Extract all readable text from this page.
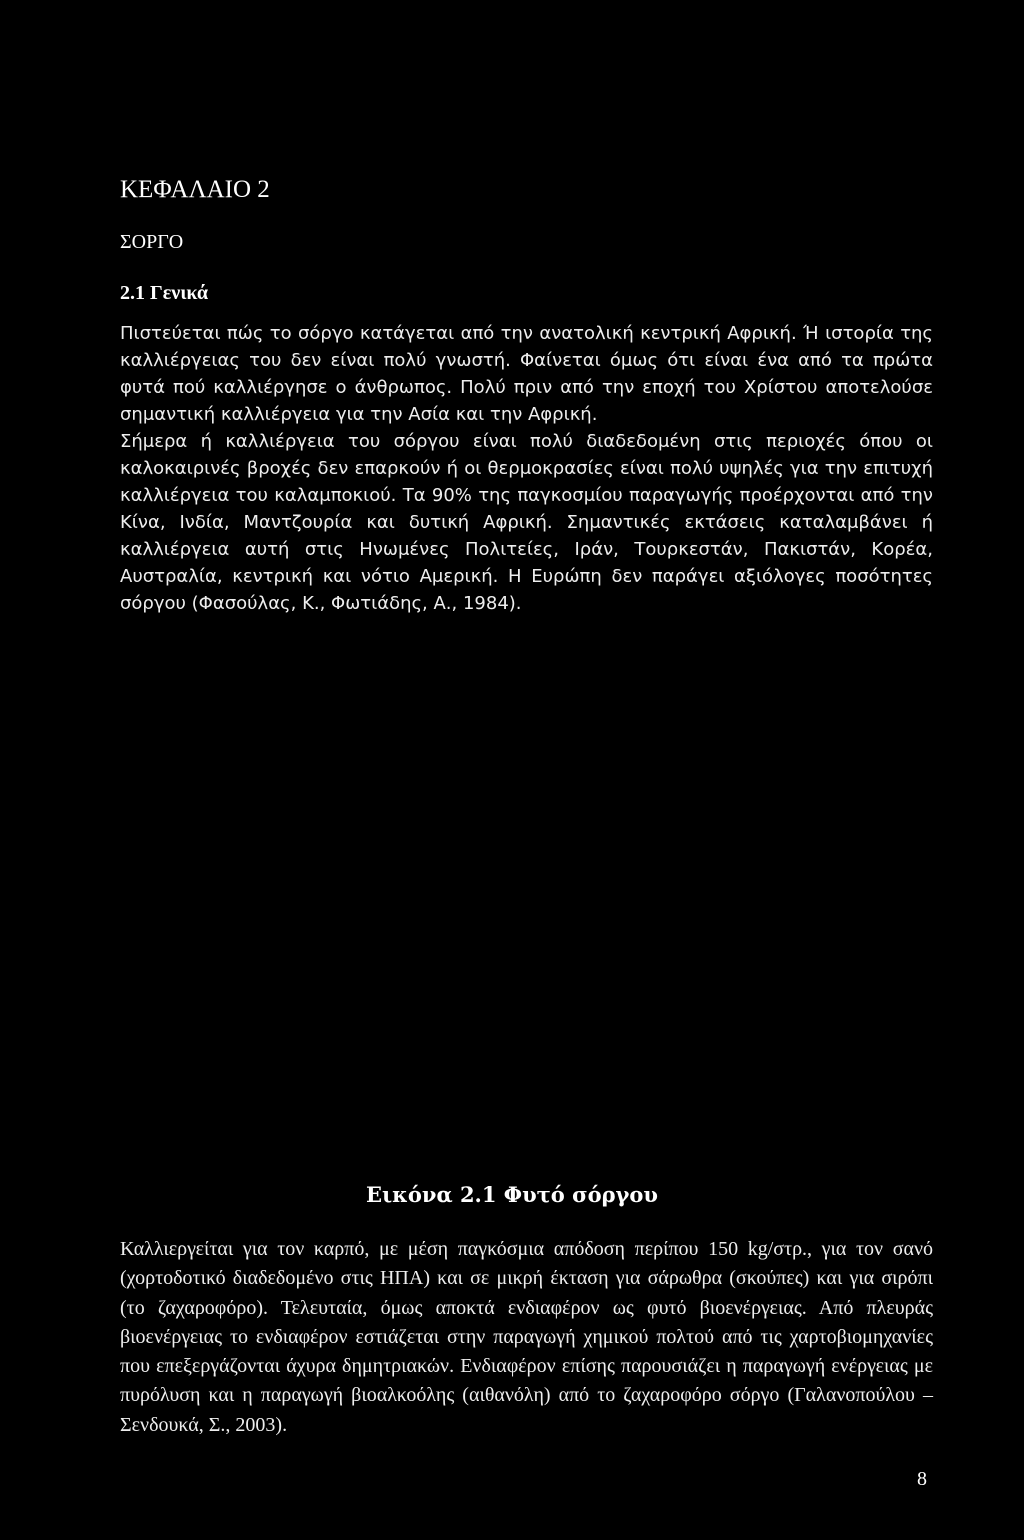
ΚΕΦΑΛΑΙΟ 2
ΣΟΡΓΟ
2.1 Γενικά
Πιστεύεται πώς το σόργο κατάγεται από την ανατολική κεντρική Αφρική. Ή ιστορία της καλλιέργειας του δεν είναι πολύ γνωστή. Φαίνεται όμως ότι είναι ένα από τα πρώτα φυτά πού καλλιέργησε ο άνθρωπος. Πολύ πριν από την εποχή του Χρίστου αποτελούσε σημαντική καλλιέργεια για την Ασία και την Αφρική.
Σήμερα ή καλλιέργεια του σόργου είναι πολύ διαδεδομένη στις περιοχές όπου οι καλοκαιρινές βροχές δεν επαρκούν ή οι θερμοκρασίες είναι πολύ υψηλές για την επιτυχή καλλιέργεια του καλαμποκιού. Τα 90% της παγκοσμίου παραγωγής προέρχονται από την Κίνα, Ινδία, Μαντζουρία και δυτική Αφρική. Σημαντικές εκτάσεις καταλαμβάνει ή καλλιέργεια αυτή στις Ηνωμένες Πολιτείες, Ιράν, Τουρκεστάν, Πακιστάν, Κορέα, Αυστραλία, κεντρική και νότιο Αμερική. Η Ευρώπη δεν παράγει αξιόλογες ποσότητες σόργου (Φασούλας, Κ., Φωτιάδης, Α., 1984).

Εικόνα 2.1 Φυτό σόργου

Καλλιεργείται για τον καρπό, με μέση παγκόσμια απόδοση περίπου 150 kg/στρ., για τον σανό (χορτοδοτικό διαδεδομένο στις ΗΠΑ) και σε μικρή έκταση για σάρωθρα (σκούπες) και για σιρόπι (το ζαχαροφόρο). Τελευταία, όμως αποκτά ενδιαφέρον ως φυτό βιοενέργειας. Από πλευράς βιοενέργειας το ενδιαφέρον εστιάζεται στην παραγωγή χημικού πολτού από τις χαρτοβιομηχανίες που επεξεργάζονται άχυρα δημητριακών. Ενδιαφέρον επίσης παρουσιάζει η παραγωγή ενέργειας με πυρόλυση και η παραγωγή βιοαλκοόλης (αιθανόλη) από το ζαχαροφόρο σόργο (Γαλανοπούλου – Σενδουκά, Σ., 2003).

8
